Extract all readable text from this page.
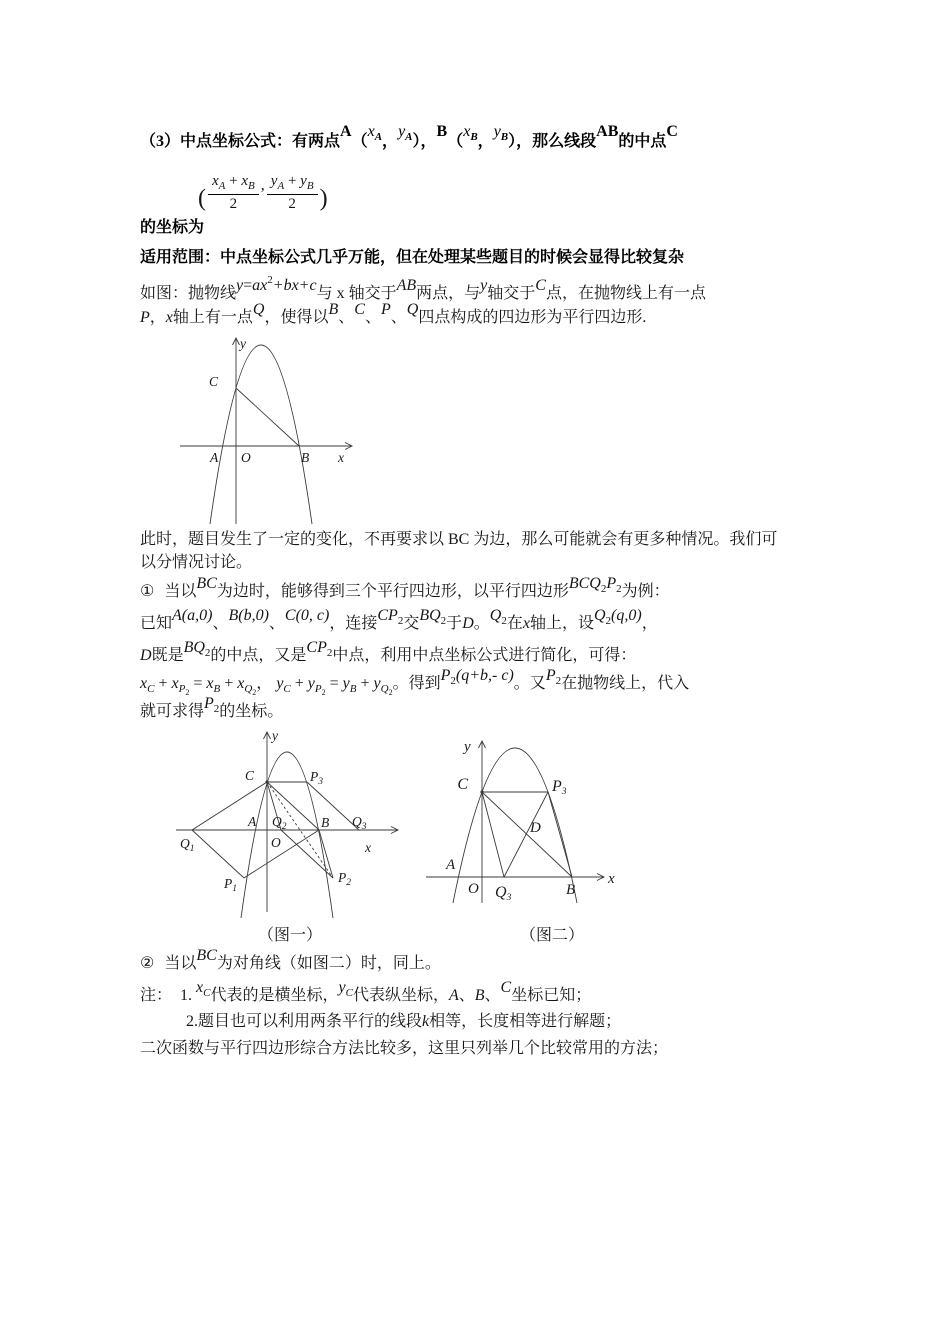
（3）中点坐标公式：有两点$A(x_A$，$y_A$），$B(x_B$，$y_B$），那么线段AB的中点C
( $\frac{x_A + x_B}{2}$ , $\frac{y_A + y_B}{2}$ )
的坐标为
适用范围：中点坐标公式几乎万能，但在处理某些题目的时候会显得比较复杂
如图：抛物线$y=ax^2+bx+c$与 x 轴交于AB两点，与y轴交于C点，在抛物线上有一点
P，x轴上有一点Q，使得以B、C、P、Q四点构成的四边形为平行四边形.
C
A O	B x
y
此时，题目发生了一定的变化，不再要求以 BC 为边，那么可能就会有更多种情况。我们可
以分情况讨论。
① 当以BC为边时，能够得到三个平行四边形，以平行四边形$BCQ_2P_2$为例：
已知A(a,0)、B(b,0)、C(0, c)，连接$CP_2$交$BQ_2$于D。$Q_2$在x轴上，设$Q_2(q,0)$，
D既是$BQ_2$的中点，又是$CP_2$中点，利用中点坐标公式进行简化，可得：
$x_C + x_{P2} = x_B + x_{Q2}$， $y_C + y_{P2} = y_B + y_{Q2}$。得到$P_2(q+b,-$ c)。又$P_2$在抛物线上，代入
就可求得$P_2$的坐标。
C	$P_3$
$Q_1$
A
O
$Q_2$	B $Q_3$
$P_1$
$P_2$
y
x
C	P3
D
A
O Q3	B
y
x
（图一）	（图二）
② 当以BC为对角线（如图二）时，同上。
注：　1. $x_C$代表的是横坐标，$y_C$代表纵坐标，A、B、C坐标已知；
2.题目也可以利用两条平行的线段k相等，长度相等进行解题；
二次函数与平行四边形综合方法比较多，这里只列举几个比较常用的方法；
